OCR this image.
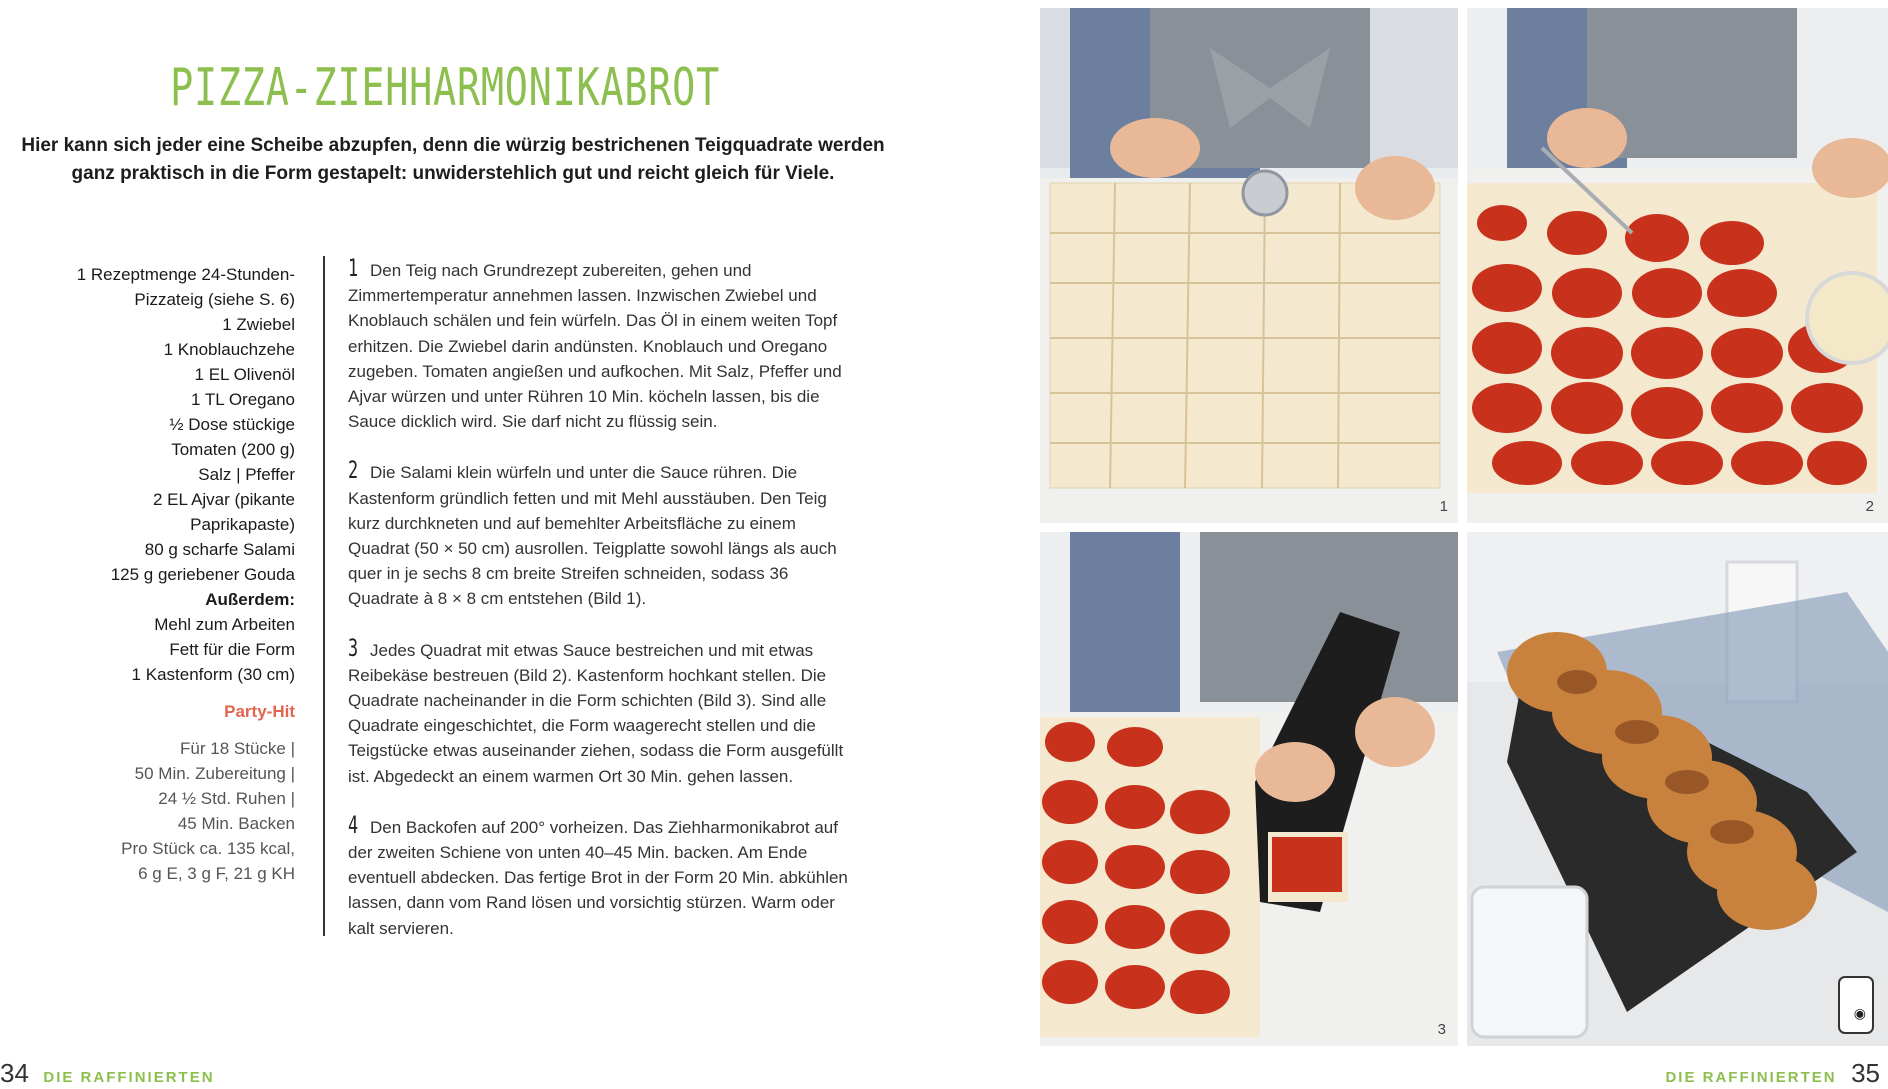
PIZZA-ZIEHHARMONIKABROT
Hier kann sich jeder eine Scheibe abzupfen, denn die würzig bestrichenen Teigquadrate werden ganz praktisch in die Form gestapelt: unwiderstehlich gut und reicht gleich für Viele.
1 Rezeptmenge 24-Stunden-
Pizzateig (siehe S. 6)
1 Zwiebel
1 Knoblauchzehe
1 EL Olivenöl
1 TL Oregano
½ Dose stückige
Tomaten (200 g)
Salz | Pfeffer
2 EL Ajvar (pikante
Paprikapaste)
80 g scharfe Salami
125 g geriebener Gouda
Außerdem:
Mehl zum Arbeiten
Fett für die Form
1 Kastenform (30 cm)
Party-Hit
Für 18 Stücke |
50 Min. Zubereitung |
24 ½ Std. Ruhen |
45 Min. Backen
Pro Stück ca. 135 kcal,
6 g E, 3 g F, 21 g KH

1 Den Teig nach Grundrezept zubereiten, gehen und Zimmertemperatur annehmen lassen. Inzwischen Zwiebel und Knoblauch schälen und fein würfeln. Das Öl in einem weiten Topf erhitzen. Die Zwiebel darin andünsten. Knoblauch und Oregano zugeben. Tomaten angießen und aufkochen. Mit Salz, Pfeffer und Ajvar würzen und unter Rühren 10 Min. köcheln lassen, bis die Sauce dicklich wird. Sie darf nicht zu flüssig sein.

2 Die Salami klein würfeln und unter die Sauce rühren. Die Kastenform gründlich fetten und mit Mehl ausstäuben. Den Teig kurz durchkneten und auf bemehlter Arbeitsfläche zu einem Quadrat (50 × 50 cm) ausrollen. Teigplatte sowohl längs als auch quer in je sechs 8 cm breite Streifen schneiden, sodass 36 Quadrate à 8 × 8 cm entstehen (Bild 1).

3 Jedes Quadrat mit etwas Sauce bestreichen und mit etwas Reibekäse bestreuen (Bild 2). Kastenform hochkant stellen. Die Quadrate nacheinander in die Form schichten (Bild 3). Sind alle Quadrate eingeschichtet, die Form waagerecht stellen und die Teigstücke etwas auseinander ziehen, sodass die Form ausgefüllt ist. Abgedeckt an einem warmen Ort 30 Min. gehen lassen.

4 Den Backofen auf 200° vorheizen. Das Ziehharmonikabrot auf der zweiten Schiene von unten 40–45 Min. backen. Am Ende eventuell abdecken. Das fertige Brot in der Form 20 Min. abkühlen lassen, dann vom Rand lösen und vorsichtig stürzen. Warm oder kalt servieren.

34 DIE RAFFINIERTEN
1	2
3
◉
DIE RAFFINIERTEN 35
